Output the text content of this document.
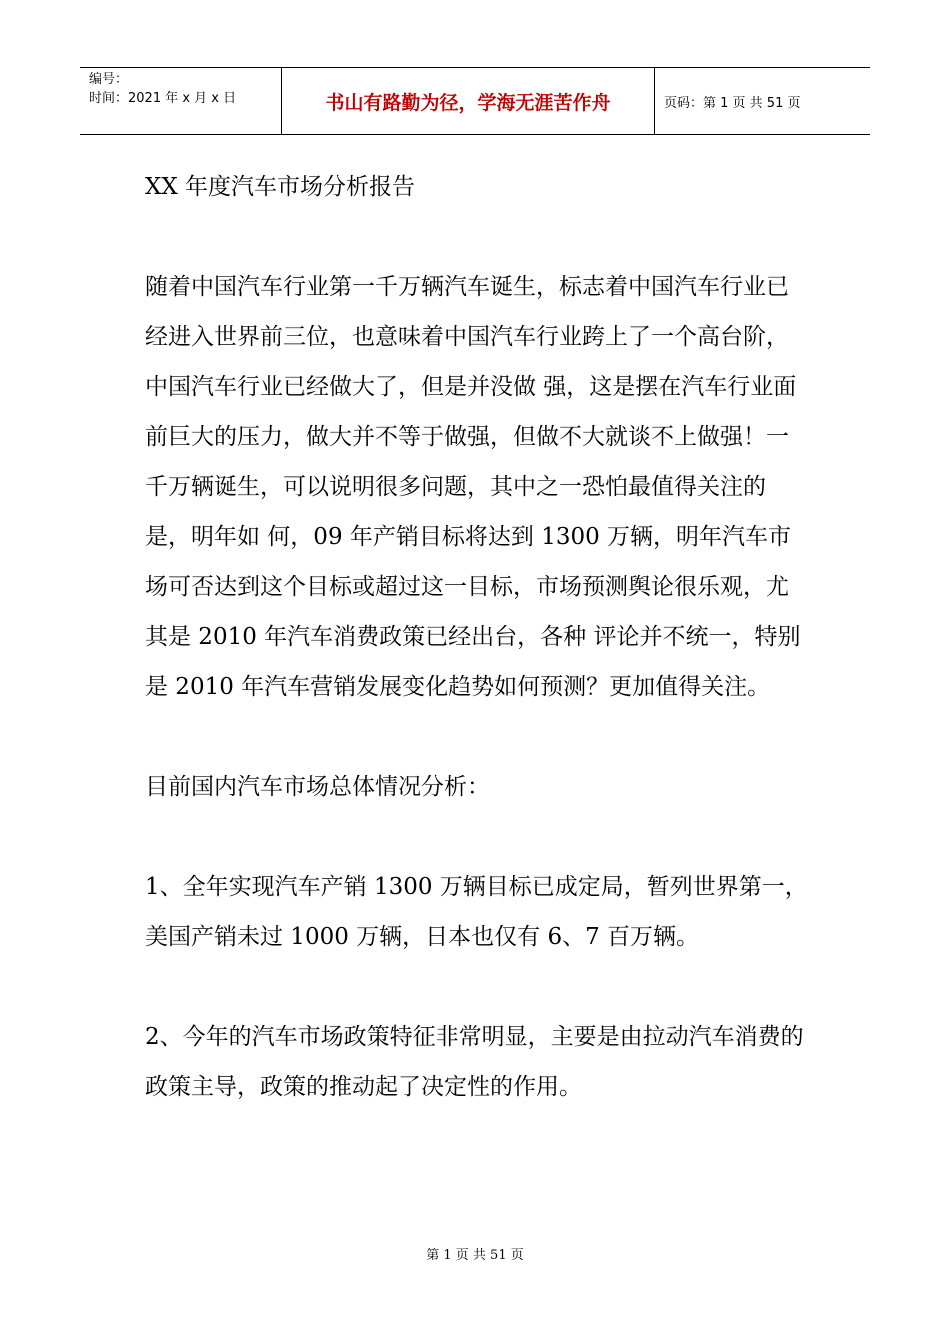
编号：
时间：2021 年 x 月 x 日	书山有路勤为径，学海无涯苦作舟	页码：第 1 页 共 51 页

XX 年度汽车市场分析报告

随着中国汽车行业第一千万辆汽车诞生，标志着中国汽车行业已经进入世界前三位，也意味着中国汽车行业跨上了一个高台阶，中国汽车行业已经做大了，但是并没做 强，这是摆在汽车行业面前巨大的压力，做大并不等于做强，但做不大就谈不上做强！一千万辆诞生，可以说明很多问题，其中之一恐怕最值得关注的是，明年如 何，09 年产销目标将达到 1300 万辆，明年汽车市场可否达到这个目标或超过这一目标，市场预测舆论很乐观，尤其是 2010 年汽车消费政策已经出台，各种 评论并不统一，特别是 2010 年汽车营销发展变化趋势如何预测？更加值得关注。

目前国内汽车市场总体情况分析：

1、全年实现汽车产销 1300 万辆目标已成定局，暂列世界第一，美国产销未过 1000 万辆，日本也仅有 6、7 百万辆。

2、今年的汽车市场政策特征非常明显，主要是由拉动汽车消费的政策主导，政策的推动起了决定性的作用。

第 1 页 共 51 页
